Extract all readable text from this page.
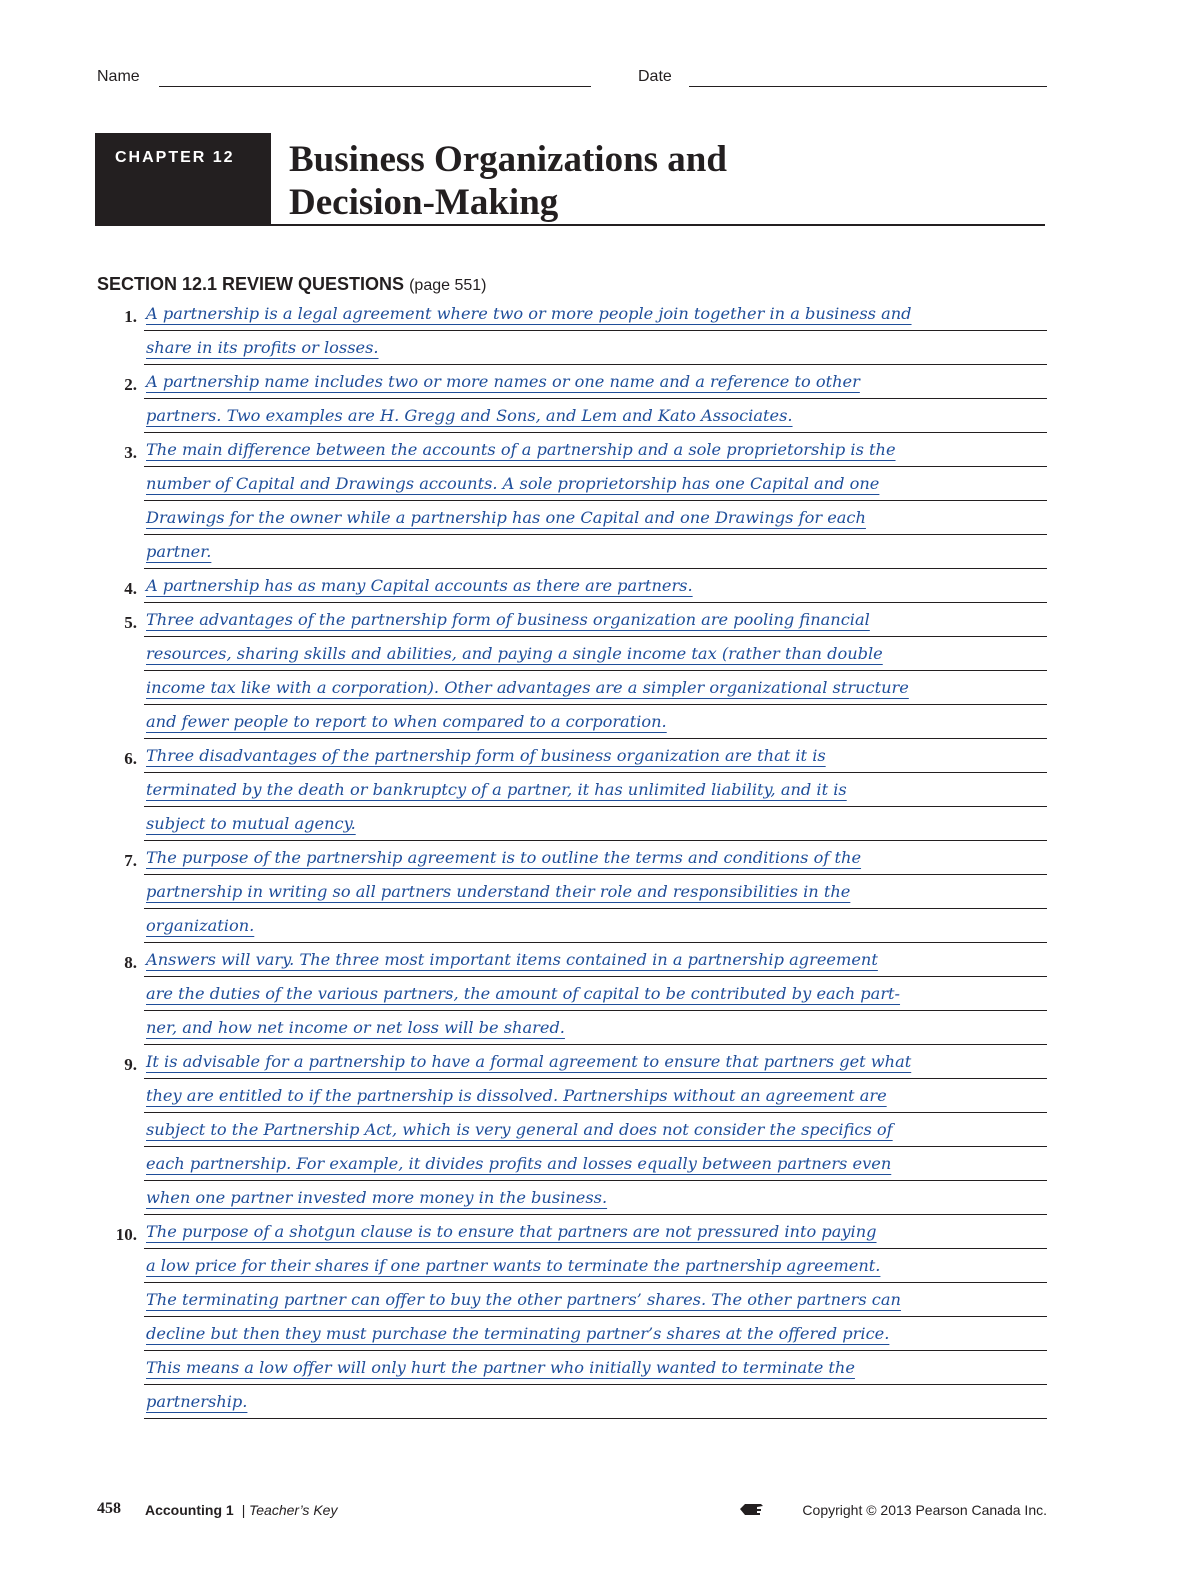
Name	Date
CHAPTER 12 Business Organizations and
Decision-Making
SECTION 12.1 REVIEW QUESTIONS (page 551)
1. A partnership is a legal agreement where two or more people join together in a business and
share in its profits or losses.
2. A partnership name includes two or more names or one name and a reference to other
partners. Two examples are H. Gregg and Sons, and Lem and Kato Associates.
3. The main difference between the accounts of a partnership and a sole proprietorship is the
number of Capital and Drawings accounts. A sole proprietorship has one Capital and one
Drawings for the owner while a partnership has one Capital and one Drawings for each
partner.
4. A partnership has as many Capital accounts as there are partners.
5. Three advantages of the partnership form of business organization are pooling financial
resources, sharing skills and abilities, and paying a single income tax (rather than double
income tax like with a corporation). Other advantages are a simpler organizational structure
and fewer people to report to when compared to a corporation.
6. Three disadvantages of the partnership form of business organization are that it is
terminated by the death or bankruptcy of a partner, it has unlimited liability, and it is
subject to mutual agency.
7. The purpose of the partnership agreement is to outline the terms and conditions of the
partnership in writing so all partners understand their role and responsibilities in the
organization.
8. Answers will vary. The three most important items contained in a partnership agreement
are the duties of the various partners, the amount of capital to be contributed by each part-
ner, and how net income or net loss will be shared.
9. It is advisable for a partnership to have a formal agreement to ensure that partners get what
they are entitled to if the partnership is dissolved. Partnerships without an agreement are
subject to the Partnership Act, which is very general and does not consider the specifics of
each partnership. For example, it divides profits and losses equally between partners even
when one partner invested more money in the business.
10. The purpose of a shotgun clause is to ensure that partners are not pressured into paying
a low price for their shares if one partner wants to terminate the partnership agreement.
The terminating partner can offer to buy the other partners’ shares. The other partners can
decline but then they must purchase the terminating partner’s shares at the offered price.
This means a low offer will only hurt the partner who initially wanted to terminate the
partnership.
458 Accounting 1  | Teacher’s Key	Copyright © 2013 Pearson Canada Inc.
